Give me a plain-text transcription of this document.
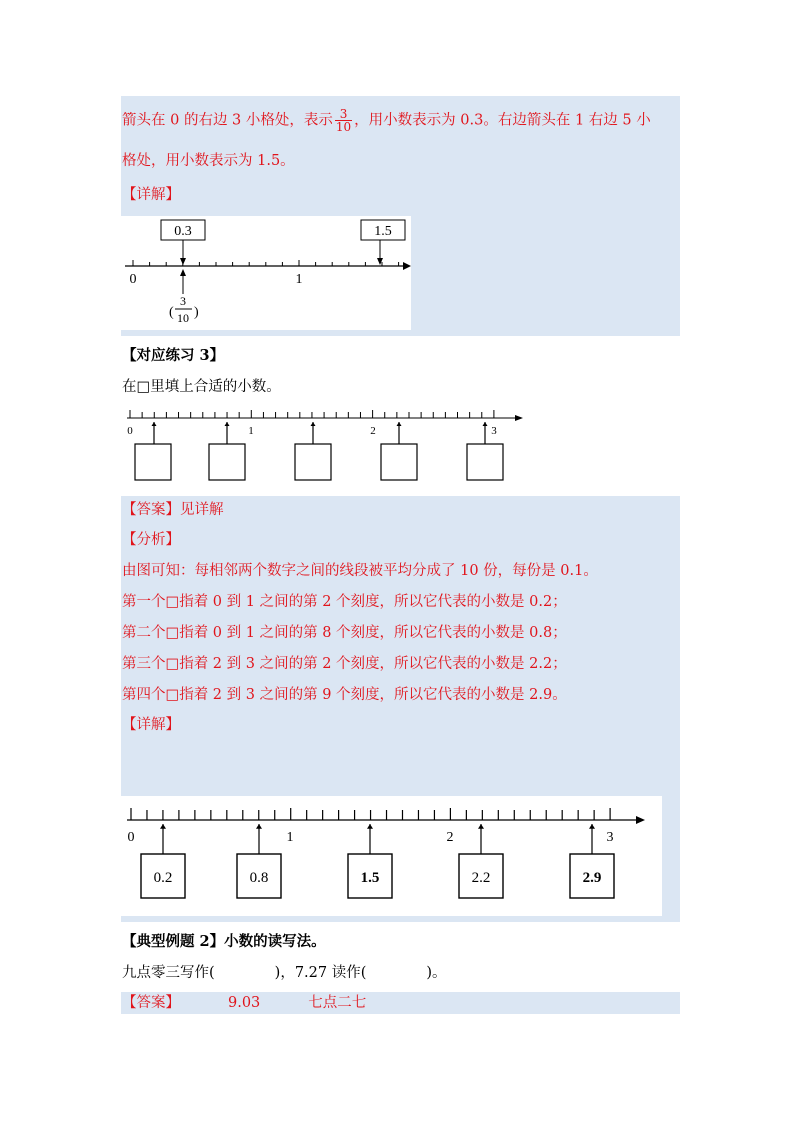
箭头在 0 的右边 3 小格处，表示 $\frac{3}{10}$ ，用小数表示为 0.3。右边箭头在 1 右边 5 小
格处，用小数表示为 1.5。
【详解】
0.3	1.5
0	1
(
3
10 )
【对应练习 3】
在□里填上合适的小数。
0	1	2	3
【答案】见详解
【分析】
由图可知：每相邻两个数字之间的线段被平均分成了 10 份，每份是 0.1。
第一个□指着 0 到 1 之间的第 2 个刻度，所以它代表的小数是 0.2；
第二个□指着 0 到 1 之间的第 8 个刻度，所以它代表的小数是 0.8；
第三个□指着 2 到 3 之间的第 2 个刻度，所以它代表的小数是 2.2；
第四个□指着 2 到 3 之间的第 9 个刻度，所以它代表的小数是 2.9。
【详解】
0	1	2	3
0.2	0.8	1.5	2.2	2.9
【典型例题 2】小数的读写法。
九点零三写作(	)，7.27 读作(	)。
【答案】	9.03	七点二七
